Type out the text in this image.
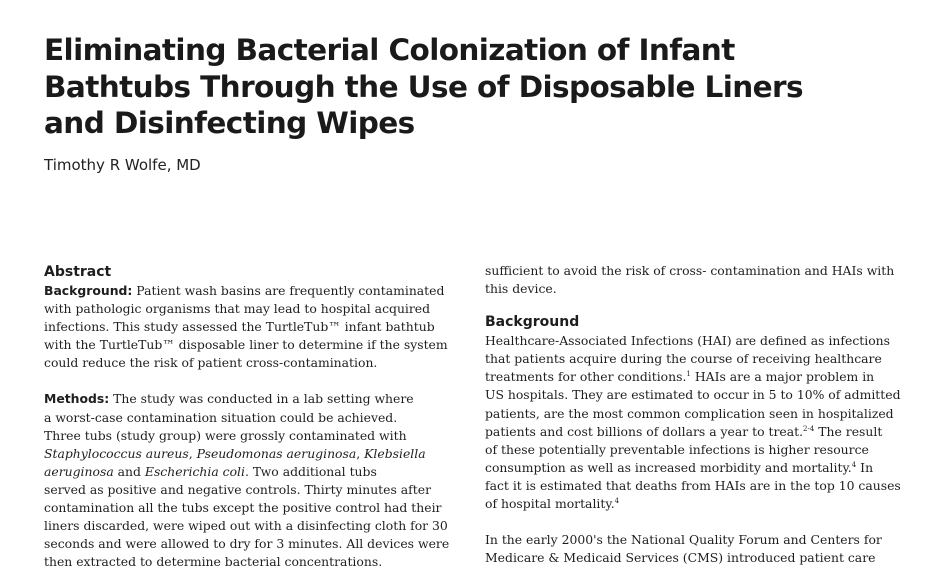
Eliminating Bacterial Colonization of Infant
Bathtubs Through the Use of Disposable Liners
and Disinfecting Wipes

Timothy R Wolfe, MD

Abstract

Background: Patient wash basins are frequently contaminated
with pathologic organisms that may lead to hospital acquired
infections. This study assessed the TurtleTub™ infant bathtub
with the TurtleTub™ disposable liner to determine if the system
could reduce the risk of patient cross-contamination.

Methods: The study was conducted in a lab setting where
a worst-case contamination situation could be achieved.
Three tubs (study group) were grossly contaminated with
Staphylococcus aureus, Pseudomonas aeruginosa, Klebsiella
aeruginosa and Escherichia coli. Two additional tubs
served as positive and negative controls. Thirty minutes after
contamination all the tubs except the positive control had their
liners discarded, were wiped out with a disinfecting cloth for 30
seconds and were allowed to dry for 3 minutes. All devices were
then extracted to determine bacterial concentrations.

sufficient to avoid the risk of cross- contamination and HAIs with
this device.

Background

Healthcare-Associated Infections (HAI) are defined as infections
that patients acquire during the course of receiving healthcare
treatments for other conditions.$^1$ HAIs are a major problem in
US hospitals. They are estimated to occur in 5 to 10% of admitted
patients, are the most common complication seen in hospitalized
patients and cost billions of dollars a year to treat.$^{2-4}$ The result
of these potentially preventable infections is higher resource
consumption as well as increased morbidity and mortality.$^4$ In
fact it is estimated that deaths from HAIs are in the top 10 causes
of hospital mortality.$^4$

In the early 2000's the National Quality Forum and Centers for
Medicare & Medicaid Services (CMS) introduced patient care
